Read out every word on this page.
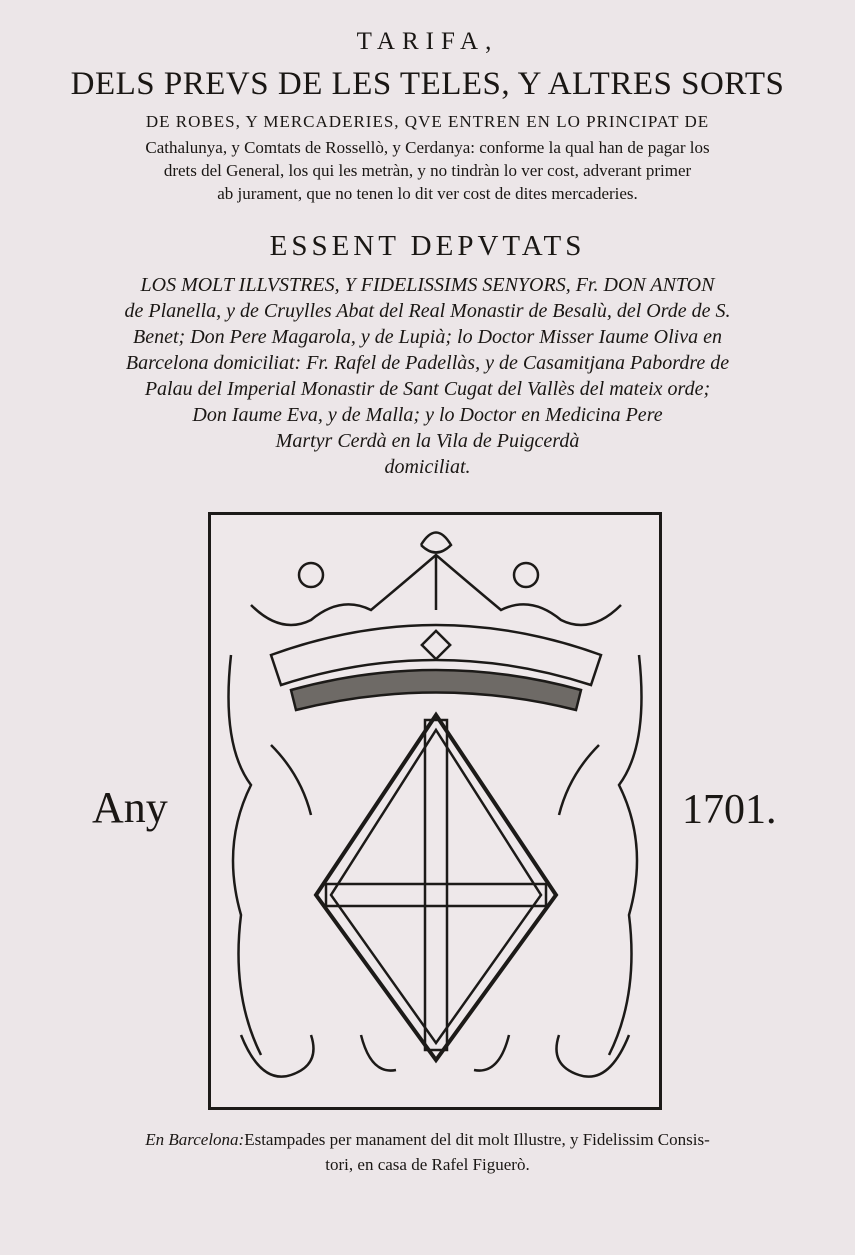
TARIFA,
DELS PREVS DE LES TELES, Y ALTRES SORTS
DE ROBES, Y MERCADERIES, QVE ENTREN EN LO PRINCIPAT DE
Cathalunya, y Comtats de Rossellò, y Cerdanya: conforme la qual han de pagar los
drets del General, los qui les metràn, y no tindràn lo ver cost, adverant primer
ab jurament, que no tenen lo dit ver cost de dites mercaderies.
ESSENT DEPVTATS
LOS MOLT ILLVSTRES, Y FIDELISSIMS SENYORS, Fr. DON ANTON
de Planella, y de Cruylles Abat del Real Monastir de Besalù, del Orde de S.
Benet; Don Pere Magarola, y de Lupià; lo Doctor Misser Iaume Oliva en
Barcelona domiciliat: Fr. Rafel de Padellàs, y de Casamitjana Pabordre de
Palau del Imperial Monastir de Sant Cugat del Vallès del mateix orde;
Don Iaume Eva, y de Malla; y lo Doctor en Medicina Pere
Martyr Cerdà en la Vila de Puigcerdà
domiciliat.
Any	1701.
En Barcelona:Estampades per manament del dit molt Illustre, y Fidelissim Consis-
tori, en casa de Rafel Figuerò.
